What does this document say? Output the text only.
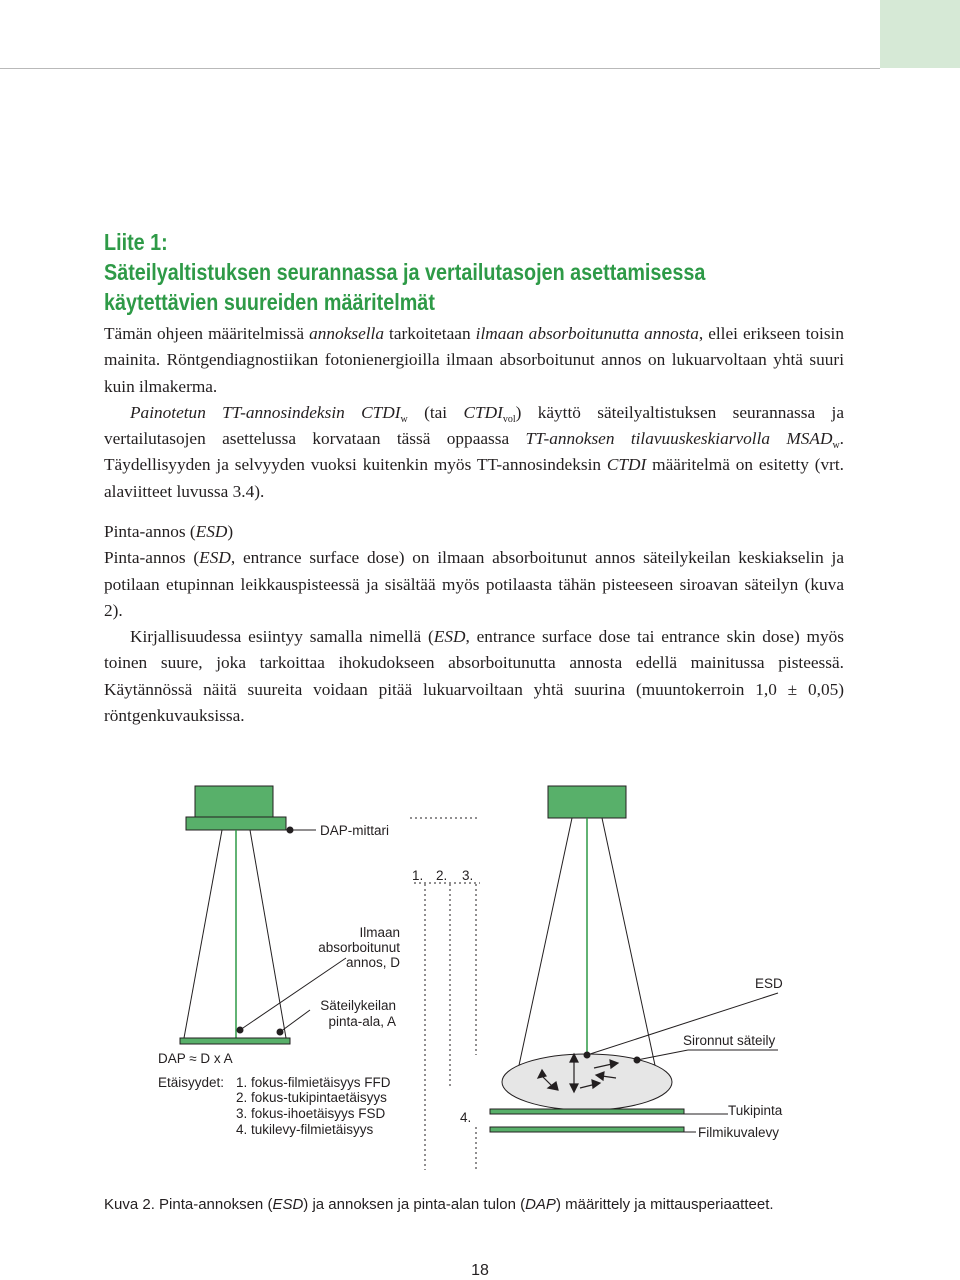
Liite 1:
Säteilyaltistuksen seurannassa ja vertailutasojen asettamisessa
käytettävien suureiden määritelmät

Tämän ohjeen määritelmissä annoksella tarkoitetaan ilmaan absorboitunutta annosta, ellei erikseen toisin mainita. Röntgendiagnostiikan fotonienergioilla ilmaan absorboitunut annos on lukuarvoltaan yhtä suuri kuin ilmakerma.

Painotetun TT-annosindeksin $CTDI_w$ (tai $CTDI_{vol}$) käyttö säteilyaltistuksen seurannassa ja vertailutasojen asettelussa korvataan tässä oppaassa TT-annoksen tilavuuskeskiarvolla $MSAD_w$. Täydellisyyden ja selvyyden vuoksi kuitenkin myös TT-annosindeksin CTDI määritelmä on esitetty (vrt. alaviitteet luvussa 3.4).

Pinta-annos (ESD)

Pinta-annos (ESD, entrance surface dose) on ilmaan absorboitunut annos säteilykeilan keskiakselin ja potilaan etupinnan leikkauspisteessä ja sisältää myös potilaasta tähän pisteeseen siroavan säteilyn (kuva 2).

Kirjallisuudessa esiintyy samalla nimellä (ESD, entrance surface dose tai entrance skin dose) myös toinen suure, joka tarkoittaa ihokudokseen absorboitunutta annosta edellä mainitussa pisteessä. Käytännössä näitä suureita voidaan pitää lukuarvoiltaan yhtä suurina (muuntokerroin 1,0 ± 0,05) röntgenkuvauksissa.

DAP-mittari
Ilmaan
absorboitunut
annos, D
Säteilykeilan
pinta-ala, A
DAP ≈ D x A
Etäisyydet: 1. fokus-filmietäisyys FFD
2. fokus-tukipintaetäisyys
3. fokus-ihoetäisyys FSD
4. tukilevy-filmietäisyys
1. 2. 3.
ESD
Sironnut säteily
Tukipinta
Filmikuvalevy
4.
Kuva 2. Pinta-annoksen (ESD) ja annoksen ja pinta-alan tulon (DAP) määrittely ja mittausperiaatteet.
18
